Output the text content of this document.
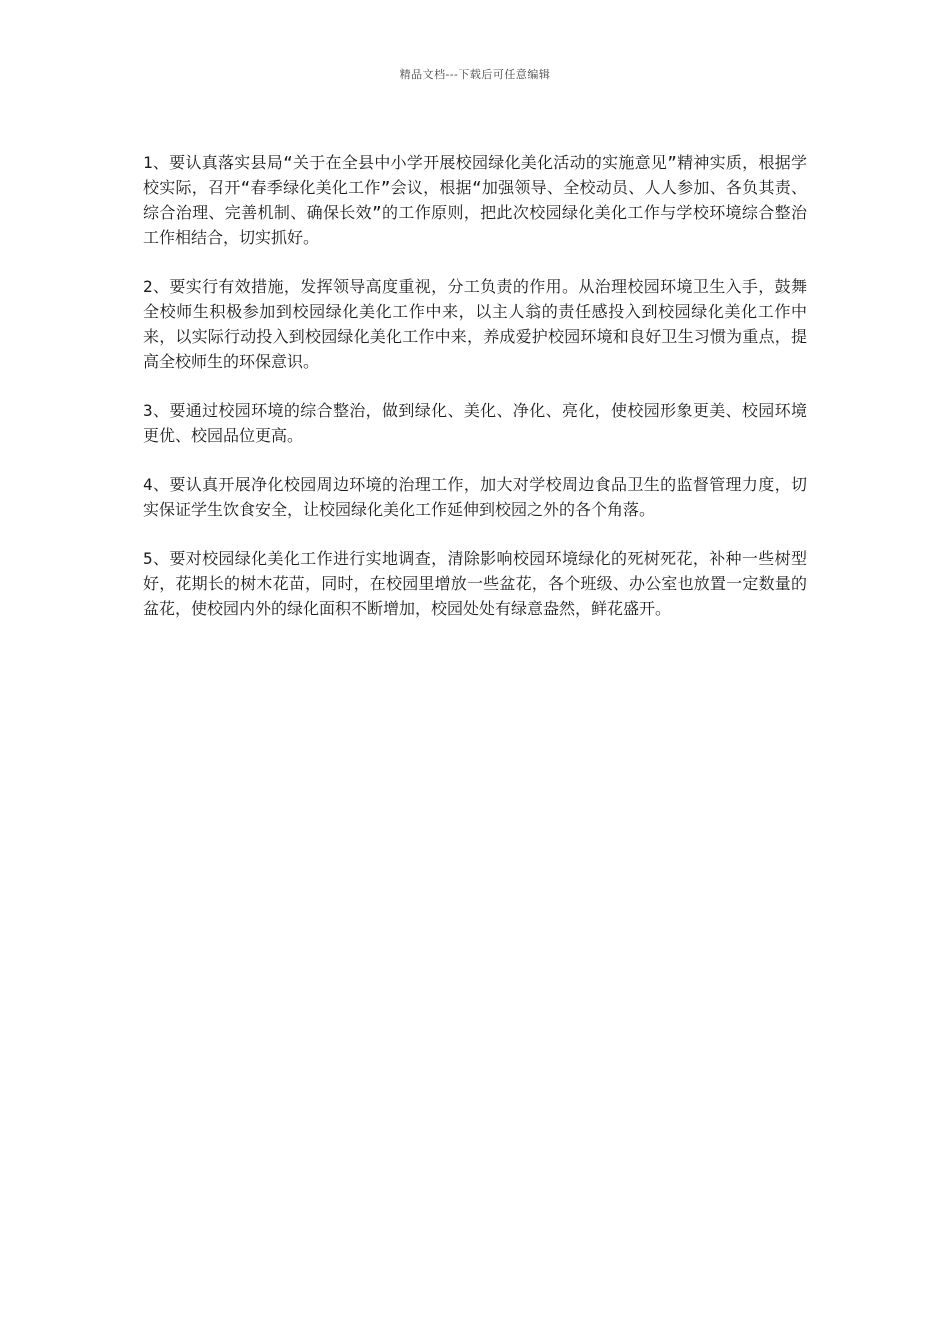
精品文档---下载后可任意编辑

1、要认真落实县局“关于在全县中小学开展校园绿化美化活动的实施意见”精神实质，根据学校实际，召开“春季绿化美化工作”会议，根据“加强领导、全校动员、人人参加、各负其责、综合治理、完善机制、确保长效”的工作原则，把此次校园绿化美化工作与学校环境综合整治工作相结合，切实抓好。

2、要实行有效措施，发挥领导高度重视，分工负责的作用。从治理校园环境卫生入手，鼓舞全校师生积极参加到校园绿化美化工作中来，以主人翁的责任感投入到校园绿化美化工作中来，以实际行动投入到校园绿化美化工作中来，养成爱护校园环境和良好卫生习惯为重点，提高全校师生的环保意识。

3、要通过校园环境的综合整治，做到绿化、美化、净化、亮化，使校园形象更美、校园环境更优、校园品位更高。

4、要认真开展净化校园周边环境的治理工作，加大对学校周边食品卫生的监督管理力度，切实保证学生饮食安全，让校园绿化美化工作延伸到校园之外的各个角落。

5、要对校园绿化美化工作进行实地调查，清除影响校园环境绿化的死树死花，补种一些树型好，花期长的树木花苗，同时，在校园里增放一些盆花，各个班级、办公室也放置一定数量的盆花，使校园内外的绿化面积不断增加，校园处处有绿意盎然，鲜花盛开。
